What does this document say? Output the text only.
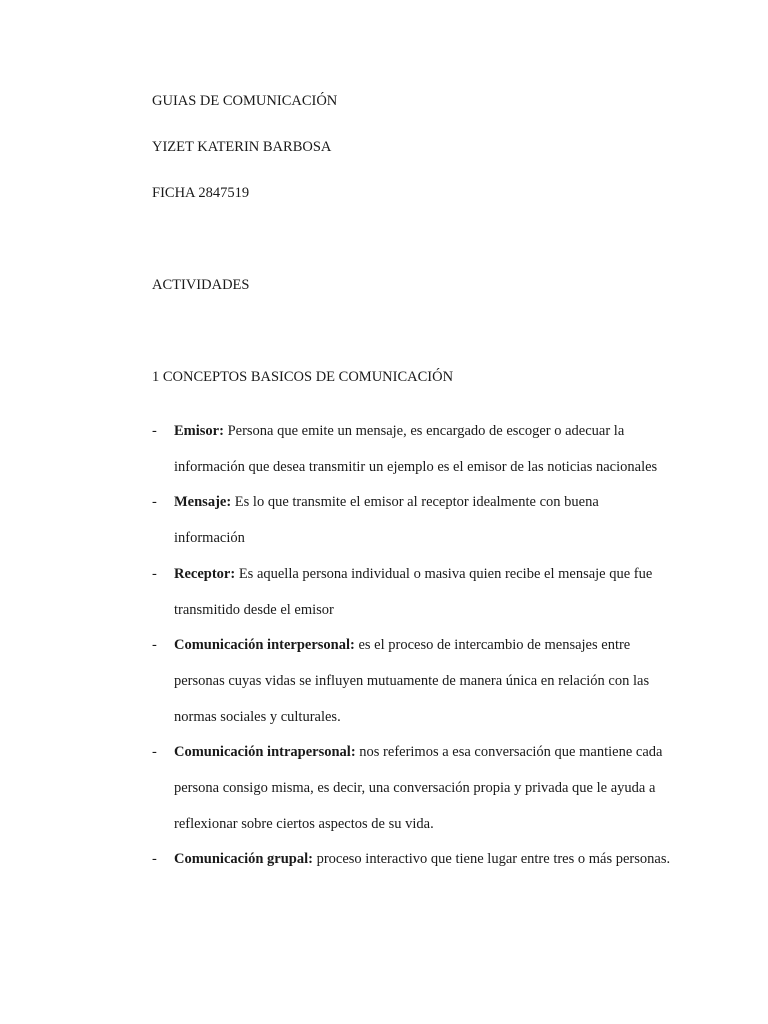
GUIAS DE COMUNICACIÓN
YIZET KATERIN BARBOSA
FICHA 2847519
ACTIVIDADES
1 CONCEPTOS BASICOS DE COMUNICACIÓN
- Emisor: Persona que emite un mensaje, es encargado de escoger o adecuar la información que desea transmitir un ejemplo es el emisor de las noticias nacionales
- Mensaje: Es lo que transmite el emisor al receptor idealmente con buena información
- Receptor: Es aquella persona individual o masiva quien recibe el mensaje que fue transmitido desde el emisor
- Comunicación interpersonal: es el proceso de intercambio de mensajes entre personas cuyas vidas se influyen mutuamente de manera única en relación con las normas sociales y culturales.
- Comunicación intrapersonal: nos referimos a esa conversación que mantiene cada persona consigo misma, es decir, una conversación propia y privada que le ayuda a reflexionar sobre ciertos aspectos de su vida.
- Comunicación grupal: proceso interactivo que tiene lugar entre tres o más personas.
